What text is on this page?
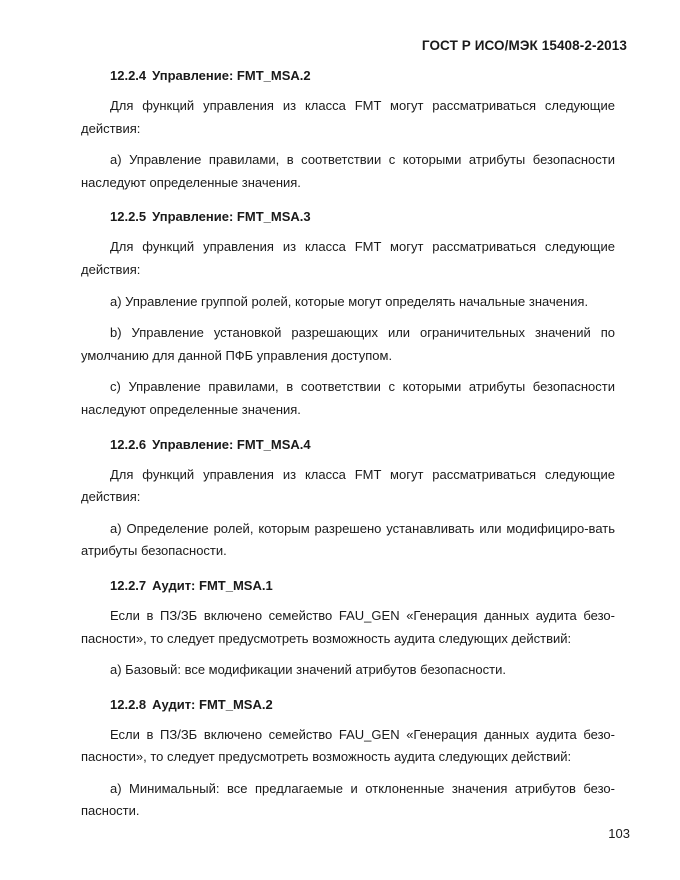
ГОСТ Р ИСО/МЭК 15408-2-2013
12.2.4 Управление: FMT_MSA.2

Для функций управления из класса FMT могут рассматриваться следующие действия:

а) Управление правилами, в соответствии с которыми атрибуты безопасности наследуют определенные значения.

12.2.5 Управление: FMT_MSA.3

Для функций управления из класса FMT могут рассматриваться следующие действия:

а) Управление группой ролей, которые могут определять начальные значения.

b) Управление установкой разрешающих или ограничительных значений по умолчанию для данной ПФБ управления доступом.

с) Управление правилами, в соответствии с которыми атрибуты безопасности наследуют определенные значения.

12.2.6 Управление: FMT_MSA.4

Для функций управления из класса FMT могут рассматриваться следующие действия:

а) Определение ролей, которым разрешено устанавливать или модифициро-вать атрибуты безопасности.

12.2.7 Аудит: FMT_MSA.1

Если в ПЗ/ЗБ включено семейство FAU_GEN «Генерация данных аудита безо-пасности», то следует предусмотреть возможность аудита следующих действий:

а) Базовый: все модификации значений атрибутов безопасности.

12.2.8 Аудит: FMT_MSA.2

Если в ПЗ/ЗБ включено семейство FAU_GEN «Генерация данных аудита безо-пасности», то следует предусмотреть возможность аудита следующих действий:

а) Минимальный: все предлагаемые и отклоненные значения атрибутов безо-пасности.

103
